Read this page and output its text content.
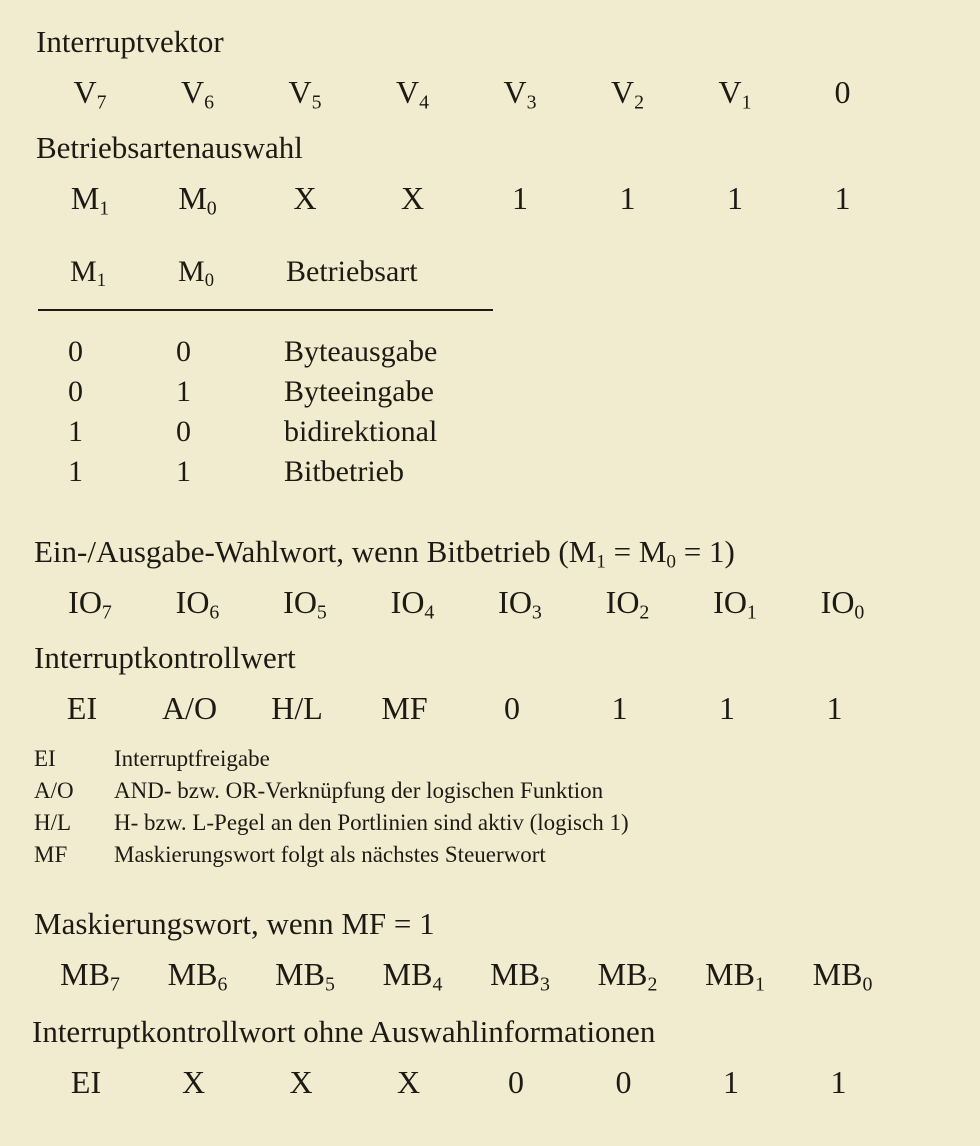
Interruptvektor
$V_7$	$V_6$	$V_5$	$V_4$	$V_3$	$V_2$	$V_1$	0
Betriebsartenauswahl
$M_1$	$M_0$	X	X	1	1	1	1
$M_1$ $M_0$ Betriebsart
0	0	Byteausgabe
0	1	Byteeingabe
1	0	bidirektional
1	1	Bitbetrieb
Ein-/Ausgabe-Wahlwort, wenn Bitbetrieb $(M_1 = M_0 = 1)$
$IO_7$	$IO_6$	$IO_5$	$IO_4$	$IO_3$	$IO_2$	$IO_1$	$IO_0$
Interruptkontrollwert
EI	A/O	H/L	MF	0	1	1	1
EI	Interruptfreigabe
A/O AND- bzw. OR-Verknüpfung der logischen Funktion
H/L H- bzw. L-Pegel an den Portlinien sind aktiv (logisch 1)
MF Maskierungswort folgt als nächstes Steuerwort
Maskierungswort, wenn MF = 1
$MB_7$	$MB_6$	$MB_5$	$MB_4$	$MB_3$	$MB_2$	$MB_1$	$MB_0$
Interruptkontrollwort ohne Auswahlinformationen
EI	X	X	X	0	0	1	1
